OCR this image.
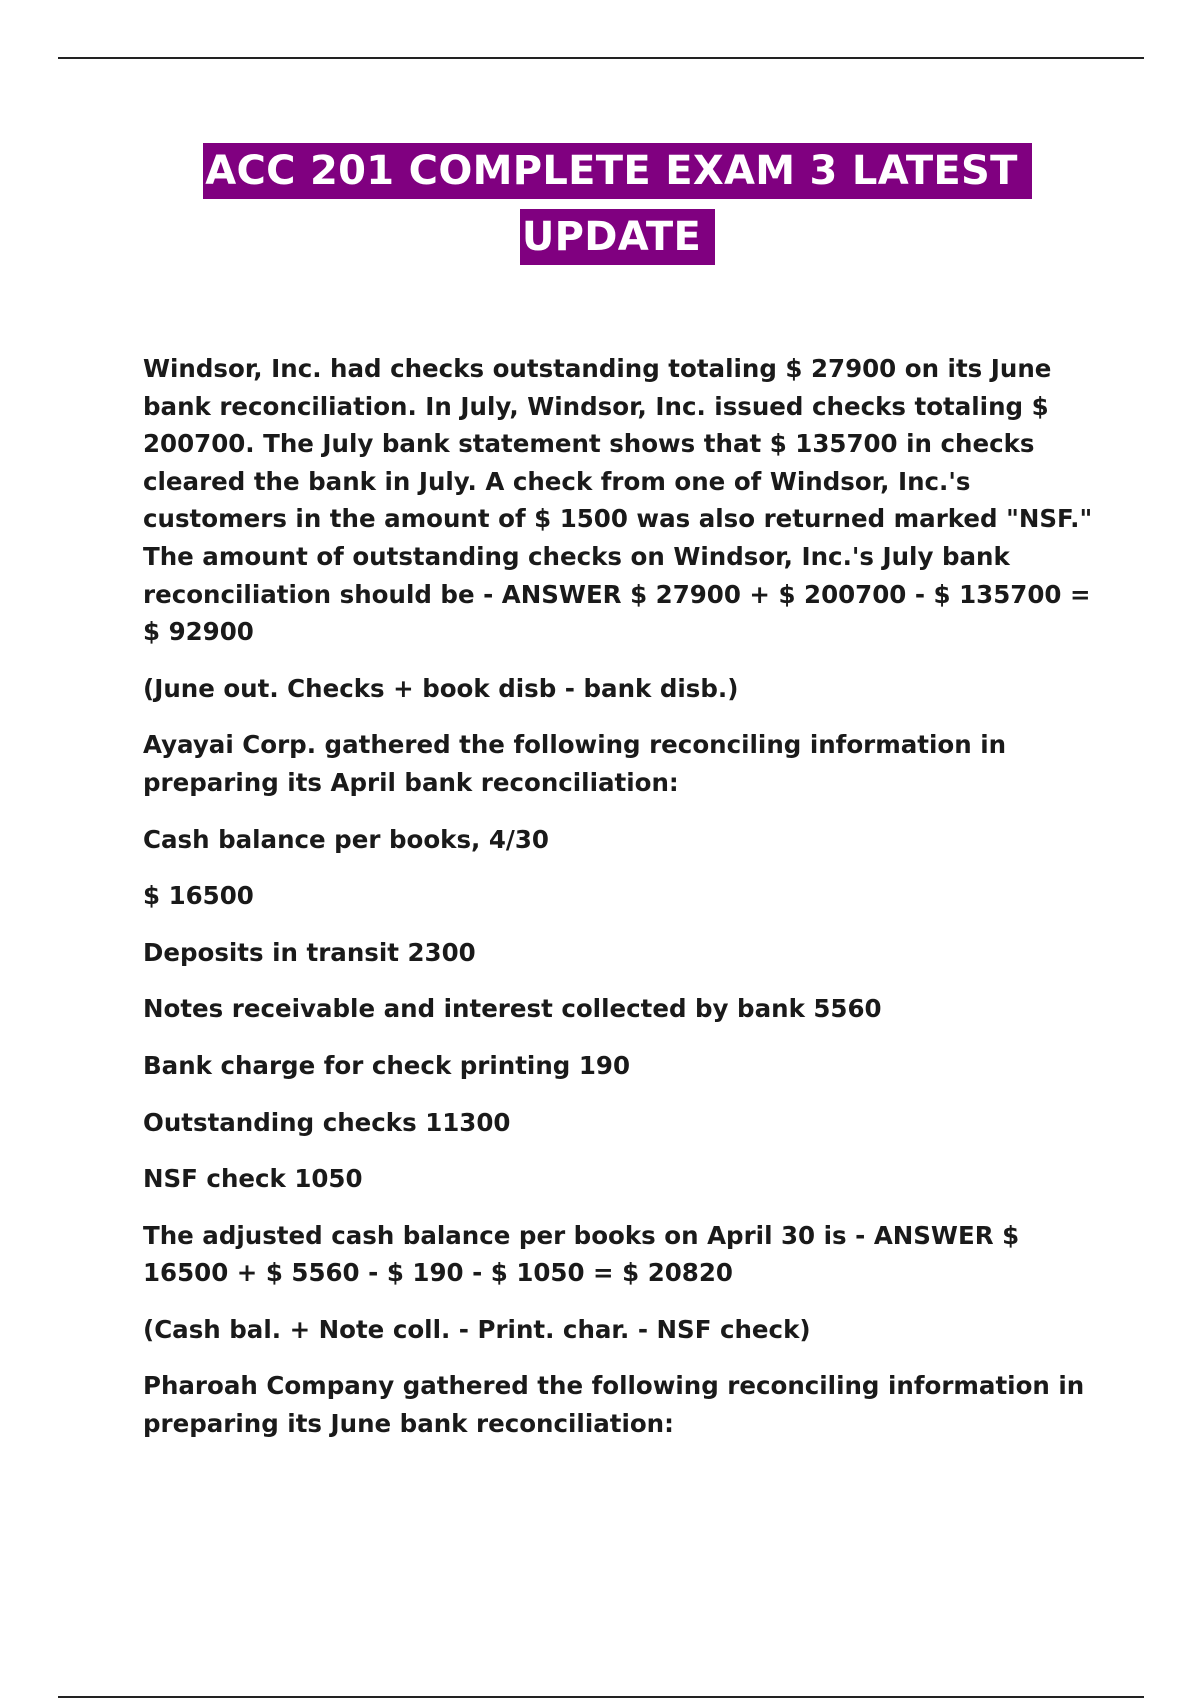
ACC 201 COMPLETE EXAM 3 LATEST
UPDATE

Windsor, Inc. had checks outstanding totaling $ 27900 on its June bank reconciliation. In July, Windsor, Inc. issued checks totaling $ 200700. The July bank statement shows that $ 135700 in checks cleared the bank in July. A check from one of Windsor, Inc.'s customers in the amount of $ 1500 was also returned marked "NSF." The amount of outstanding checks on Windsor, Inc.'s July bank reconciliation should be - ANSWER $ 27900 + $ 200700 - $ 135700 = $ 92900

(June out. Checks + book disb - bank disb.)

Ayayai Corp. gathered the following reconciling information in preparing its April bank reconciliation:

Cash balance per books, 4/30

$ 16500

Deposits in transit 2300

Notes receivable and interest collected by bank 5560

Bank charge for check printing 190

Outstanding checks 11300

NSF check 1050

The adjusted cash balance per books on April 30 is - ANSWER $ 16500 + $ 5560 - $ 190 - $ 1050 = $ 20820

(Cash bal. + Note coll. - Print. char. - NSF check)

Pharoah Company gathered the following reconciling information in preparing its June bank reconciliation:
